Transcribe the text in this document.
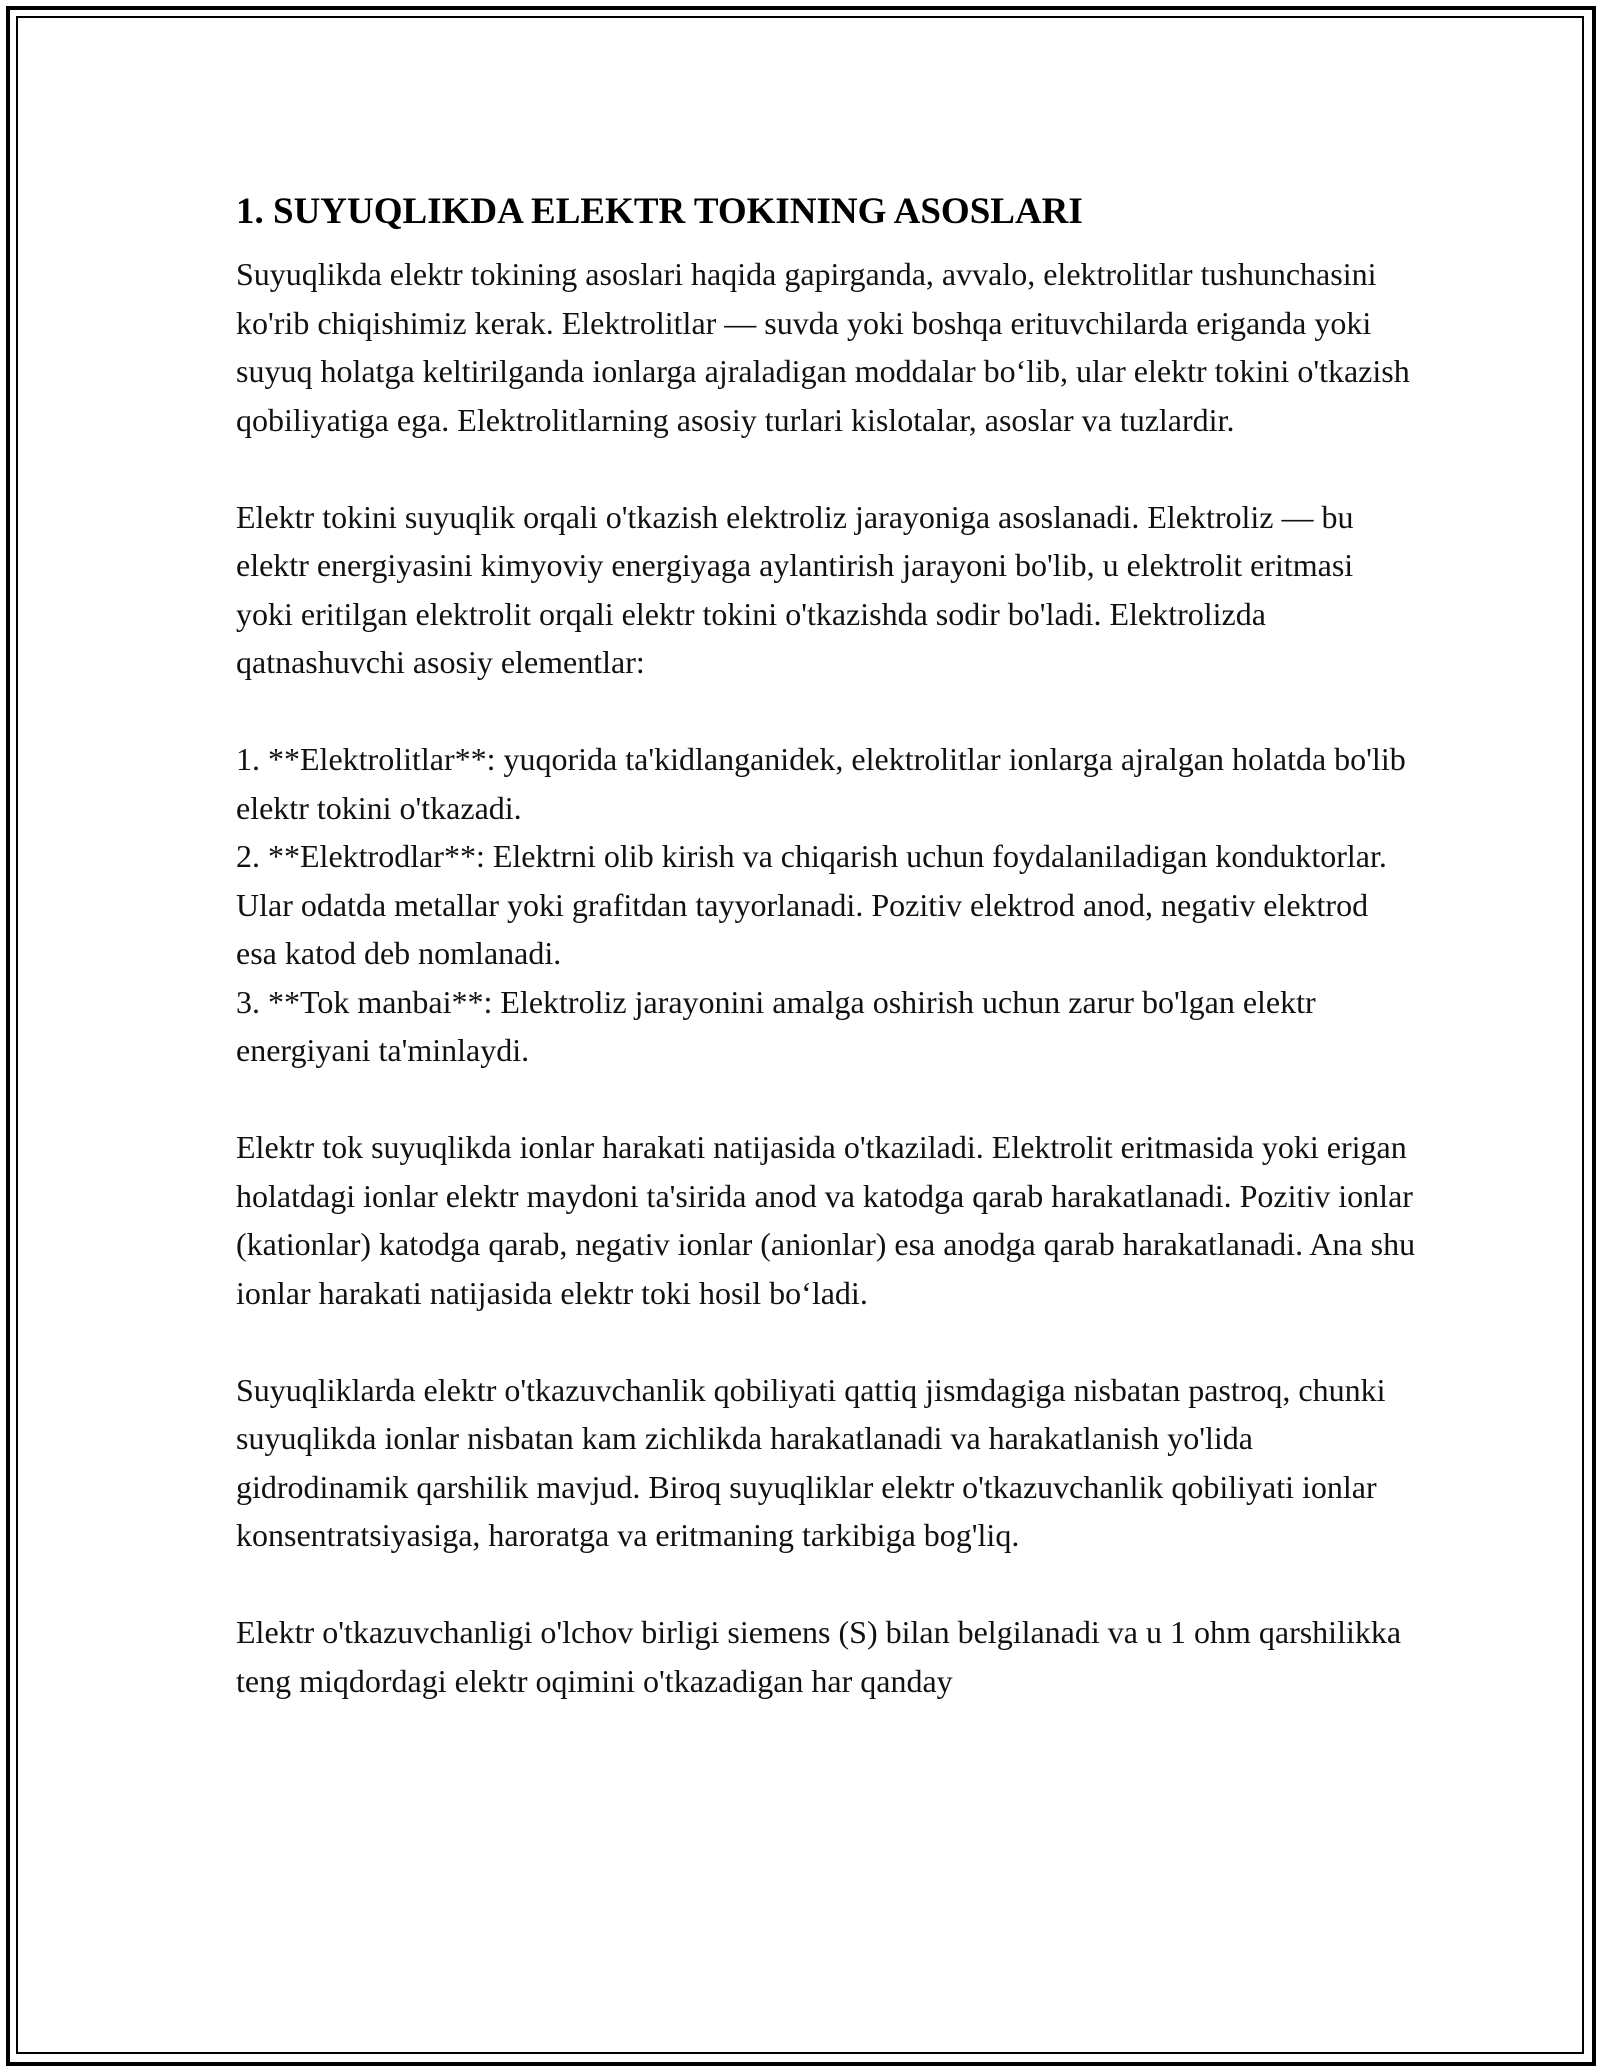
1. SUYUQLIKDA ELEKTR TOKINING ASOSLARI

Suyuqlikda elektr tokining asoslari haqida gapirganda, avvalo, elektrolitlar tushunchasini ko'rib chiqishimiz kerak. Elektrolitlar — suvda yoki boshqa erituvchilarda eriganda yoki suyuq holatga keltirilganda ionlarga ajraladigan moddalar bo‘lib, ular elektr tokini o'tkazish qobiliyatiga ega. Elektrolitlarning asosiy turlari kislotalar, asoslar va tuzlardir.

Elektr tokini suyuqlik orqali o'tkazish elektroliz jarayoniga asoslanadi. Elektroliz — bu elektr energiyasini kimyoviy energiyaga aylantirish jarayoni bo'lib, u elektrolit eritmasi yoki eritilgan elektrolit orqali elektr tokini o'tkazishda sodir bo'ladi. Elektrolizda qatnashuvchi asosiy elementlar:

1. **Elektrolitlar**: yuqorida ta'kidlanganidek, elektrolitlar ionlarga ajralgan holatda bo'lib elektr tokini o'tkazadi.

2. **Elektrodlar**: Elektrni olib kirish va chiqarish uchun foydalaniladigan konduktorlar. Ular odatda metallar yoki grafitdan tayyorlanadi. Pozitiv elektrod anod, negativ elektrod esa katod deb nomlanadi.

3. **Tok manbai**: Elektroliz jarayonini amalga oshirish uchun zarur bo'lgan elektr energiyani ta'minlaydi.

Elektr tok suyuqlikda ionlar harakati natijasida o'tkaziladi. Elektrolit eritmasida yoki erigan holatdagi ionlar elektr maydoni ta'sirida anod va katodga qarab harakatlanadi. Pozitiv ionlar (kationlar) katodga qarab, negativ ionlar (anionlar) esa anodga qarab harakatlanadi. Ana shu ionlar harakati natijasida elektr toki hosil bo‘ladi.

Suyuqliklarda elektr o'tkazuvchanlik qobiliyati qattiq jismdagiga nisbatan pastroq, chunki suyuqlikda ionlar nisbatan kam zichlikda harakatlanadi va harakatlanish yo'lida gidrodinamik qarshilik mavjud. Biroq suyuqliklar elektr o'tkazuvchanlik qobiliyati ionlar konsentratsiyasiga, haroratga va eritmaning tarkibiga bog'liq.

Elektr o'tkazuvchanligi o'lchov birligi siemens (S) bilan belgilanadi va u 1 ohm qarshilikka teng miqdordagi elektr oqimini o'tkazadigan har qanday
